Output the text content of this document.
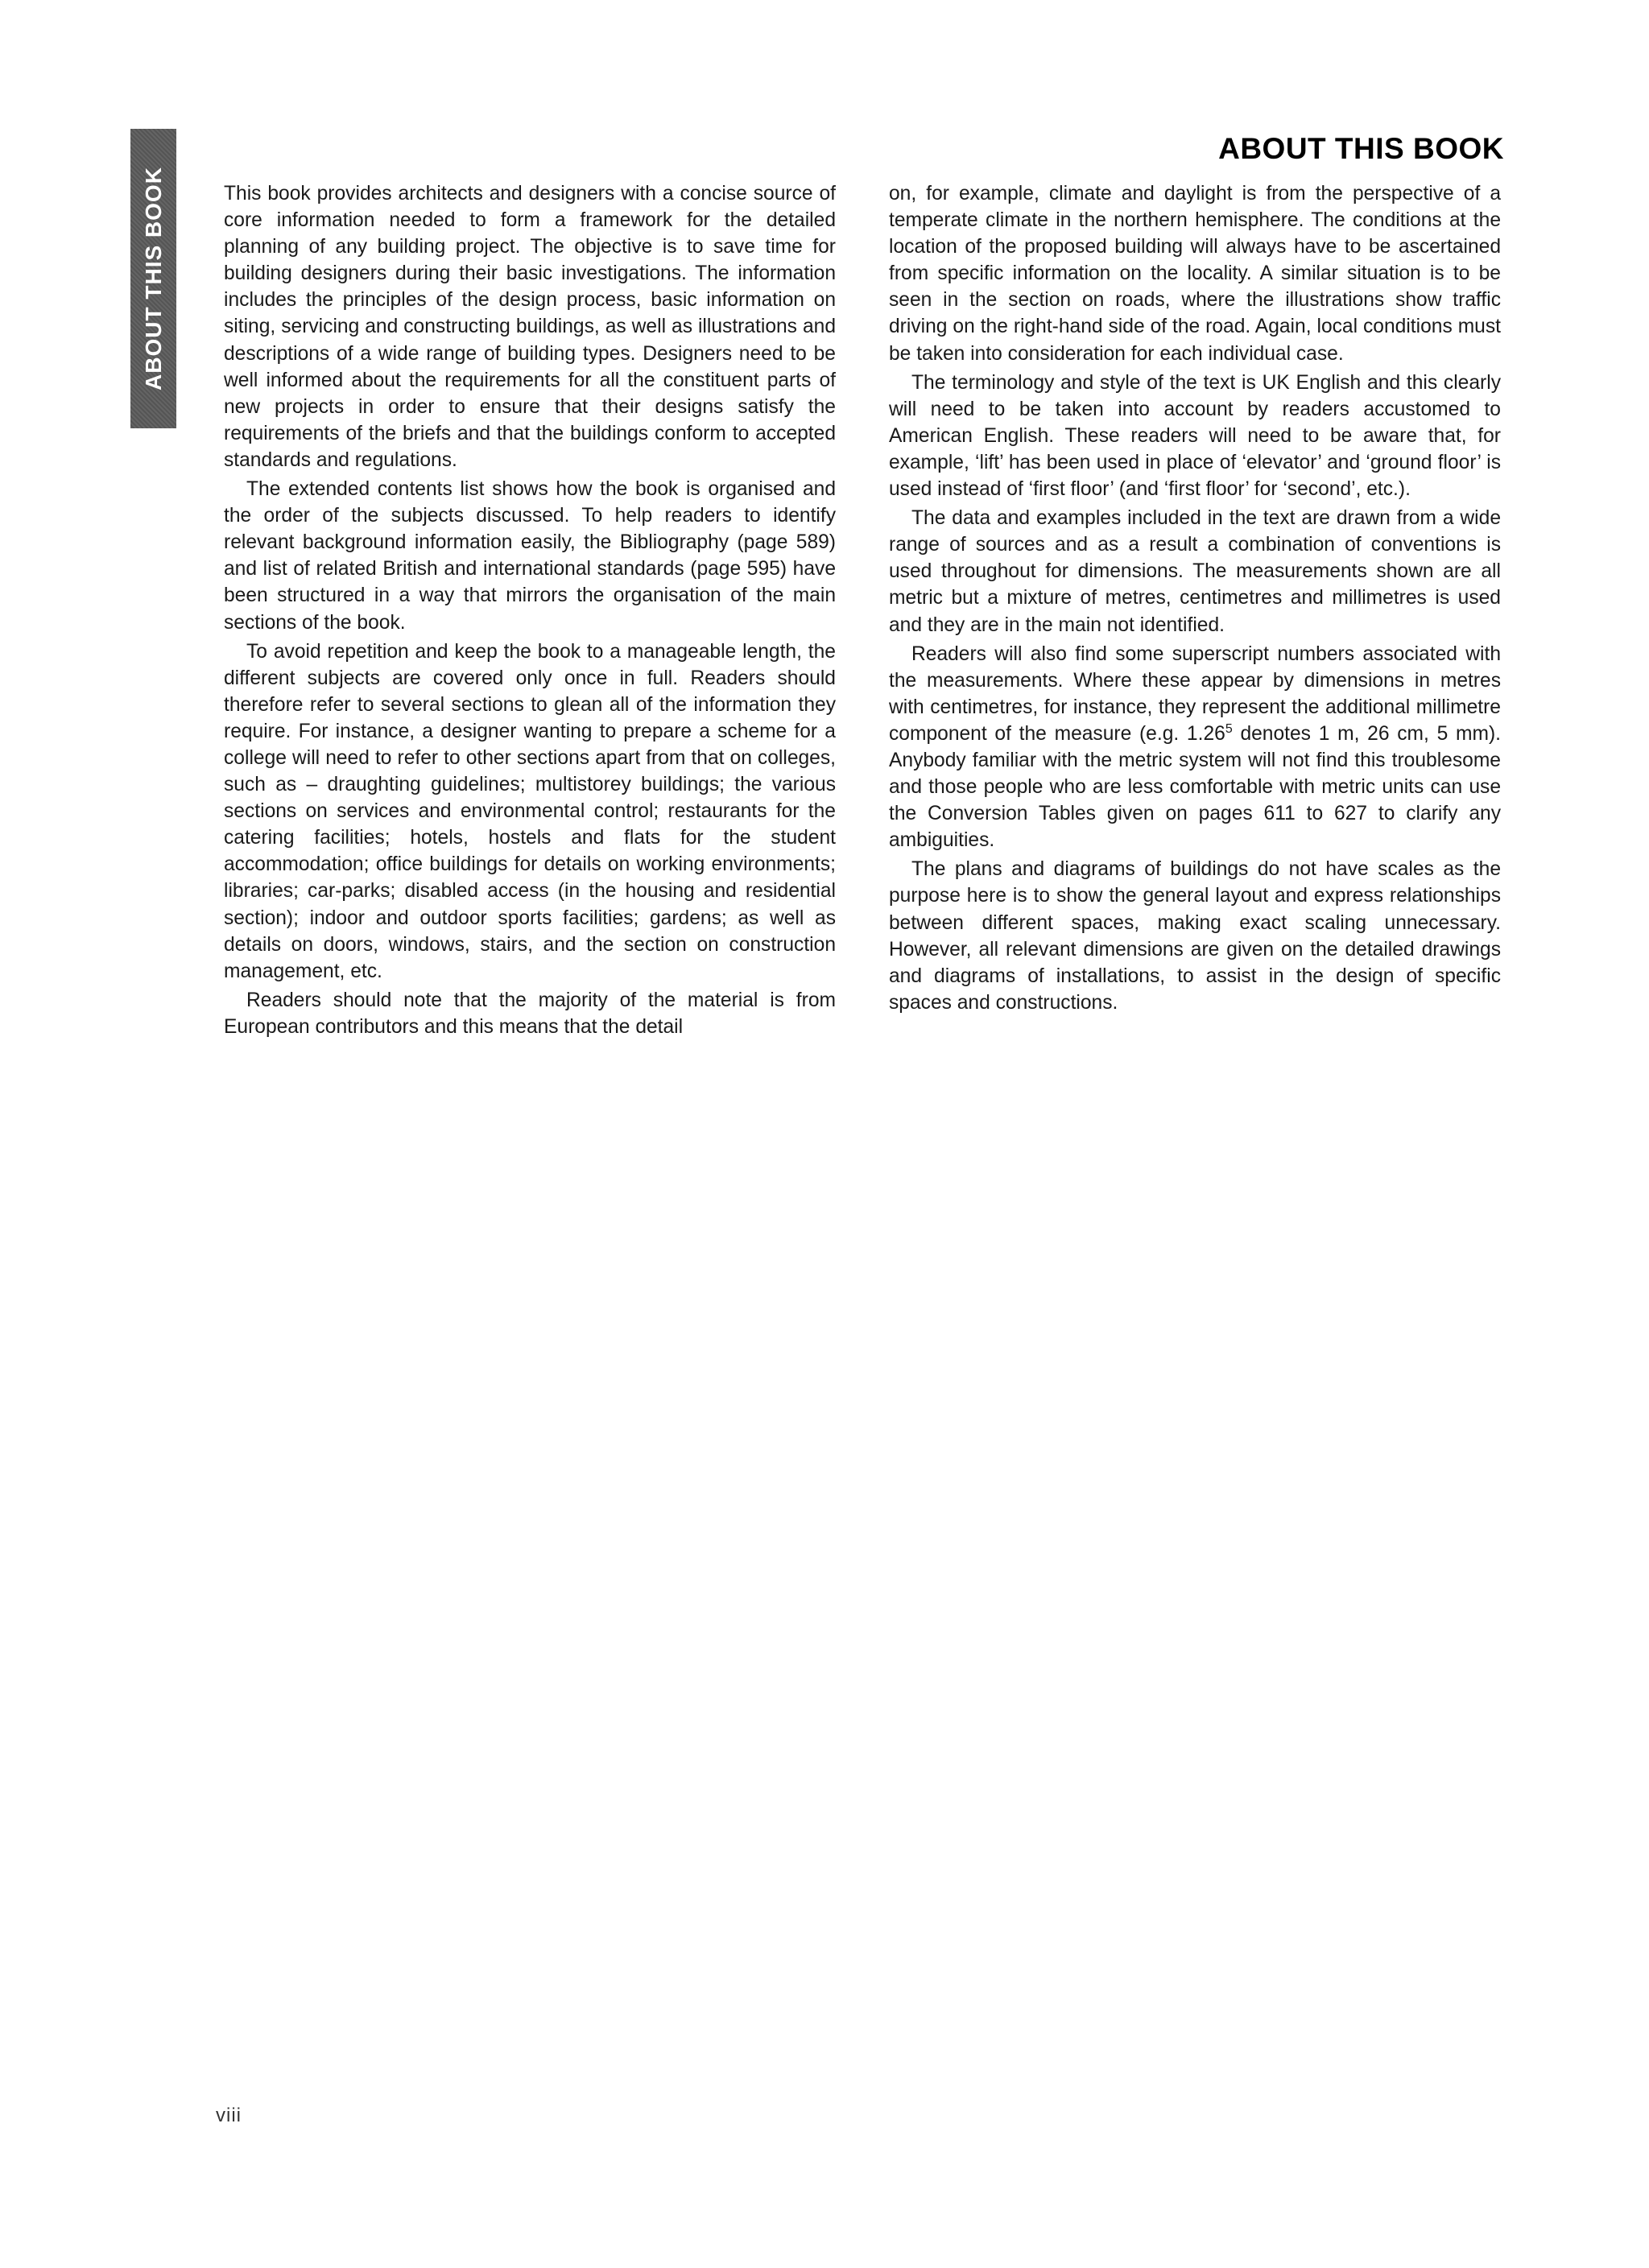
ABOUT THIS BOOK
ABOUT THIS BOOK

This book provides architects and designers with a concise source of core information needed to form a framework for the detailed planning of any building project. The objective is to save time for building designers during their basic investigations. The information includes the principles of the design process, basic information on siting, servicing and constructing buildings, as well as illustrations and descriptions of a wide range of building types. Designers need to be well informed about the requirements for all the constituent parts of new projects in order to ensure that their designs satisfy the requirements of the briefs and that the buildings conform to accepted standards and regulations.

The extended contents list shows how the book is organised and the order of the subjects discussed. To help readers to identify relevant background information easily, the Bibliography (page 589) and list of related British and international standards (page 595) have been structured in a way that mirrors the organisation of the main sections of the book.

To avoid repetition and keep the book to a manageable length, the different subjects are covered only once in full. Readers should therefore refer to several sections to glean all of the information they require. For instance, a designer wanting to prepare a scheme for a college will need to refer to other sections apart from that on colleges, such as – draughting guidelines; multistorey buildings; the various sections on services and environmental control; restaurants for the catering facilities; hotels, hostels and flats for the student accommodation; office buildings for details on working environments; libraries; car-parks; disabled access (in the housing and residential section); indoor and outdoor sports facilities; gardens; as well as details on doors, windows, stairs, and the section on construction management, etc.

Readers should note that the majority of the material is from European contributors and this means that the detail

on, for example, climate and daylight is from the perspective of a temperate climate in the northern hemisphere. The conditions at the location of the proposed building will always have to be ascertained from specific information on the locality. A similar situation is to be seen in the section on roads, where the illustrations show traffic driving on the right-hand side of the road. Again, local conditions must be taken into consideration for each individual case.

The terminology and style of the text is UK English and this clearly will need to be taken into account by readers accustomed to American English. These readers will need to be aware that, for example, ‘lift’ has been used in place of ‘elevator’ and ‘ground floor’ is used instead of ‘first floor’ (and ‘first floor’ for ‘second’, etc.).

The data and examples included in the text are drawn from a wide range of sources and as a result a combination of conventions is used throughout for dimensions. The measurements shown are all metric but a mixture of metres, centimetres and millimetres is used and they are in the main not identified.

Readers will also find some superscript numbers associated with the measurements. Where these appear by dimensions in metres with centimetres, for instance, they represent the additional millimetre component of the measure (e.g. 1.26$^5$ denotes 1 m, 26 cm, 5 mm). Anybody familiar with the metric system will not find this troublesome and those people who are less comfortable with metric units can use the Conversion Tables given on pages 611 to 627 to clarify any ambiguities.

The plans and diagrams of buildings do not have scales as the purpose here is to show the general layout and express relationships between different spaces, making exact scaling unnecessary. However, all relevant dimensions are given on the detailed drawings and diagrams of installations, to assist in the design of specific spaces and constructions.

viii
